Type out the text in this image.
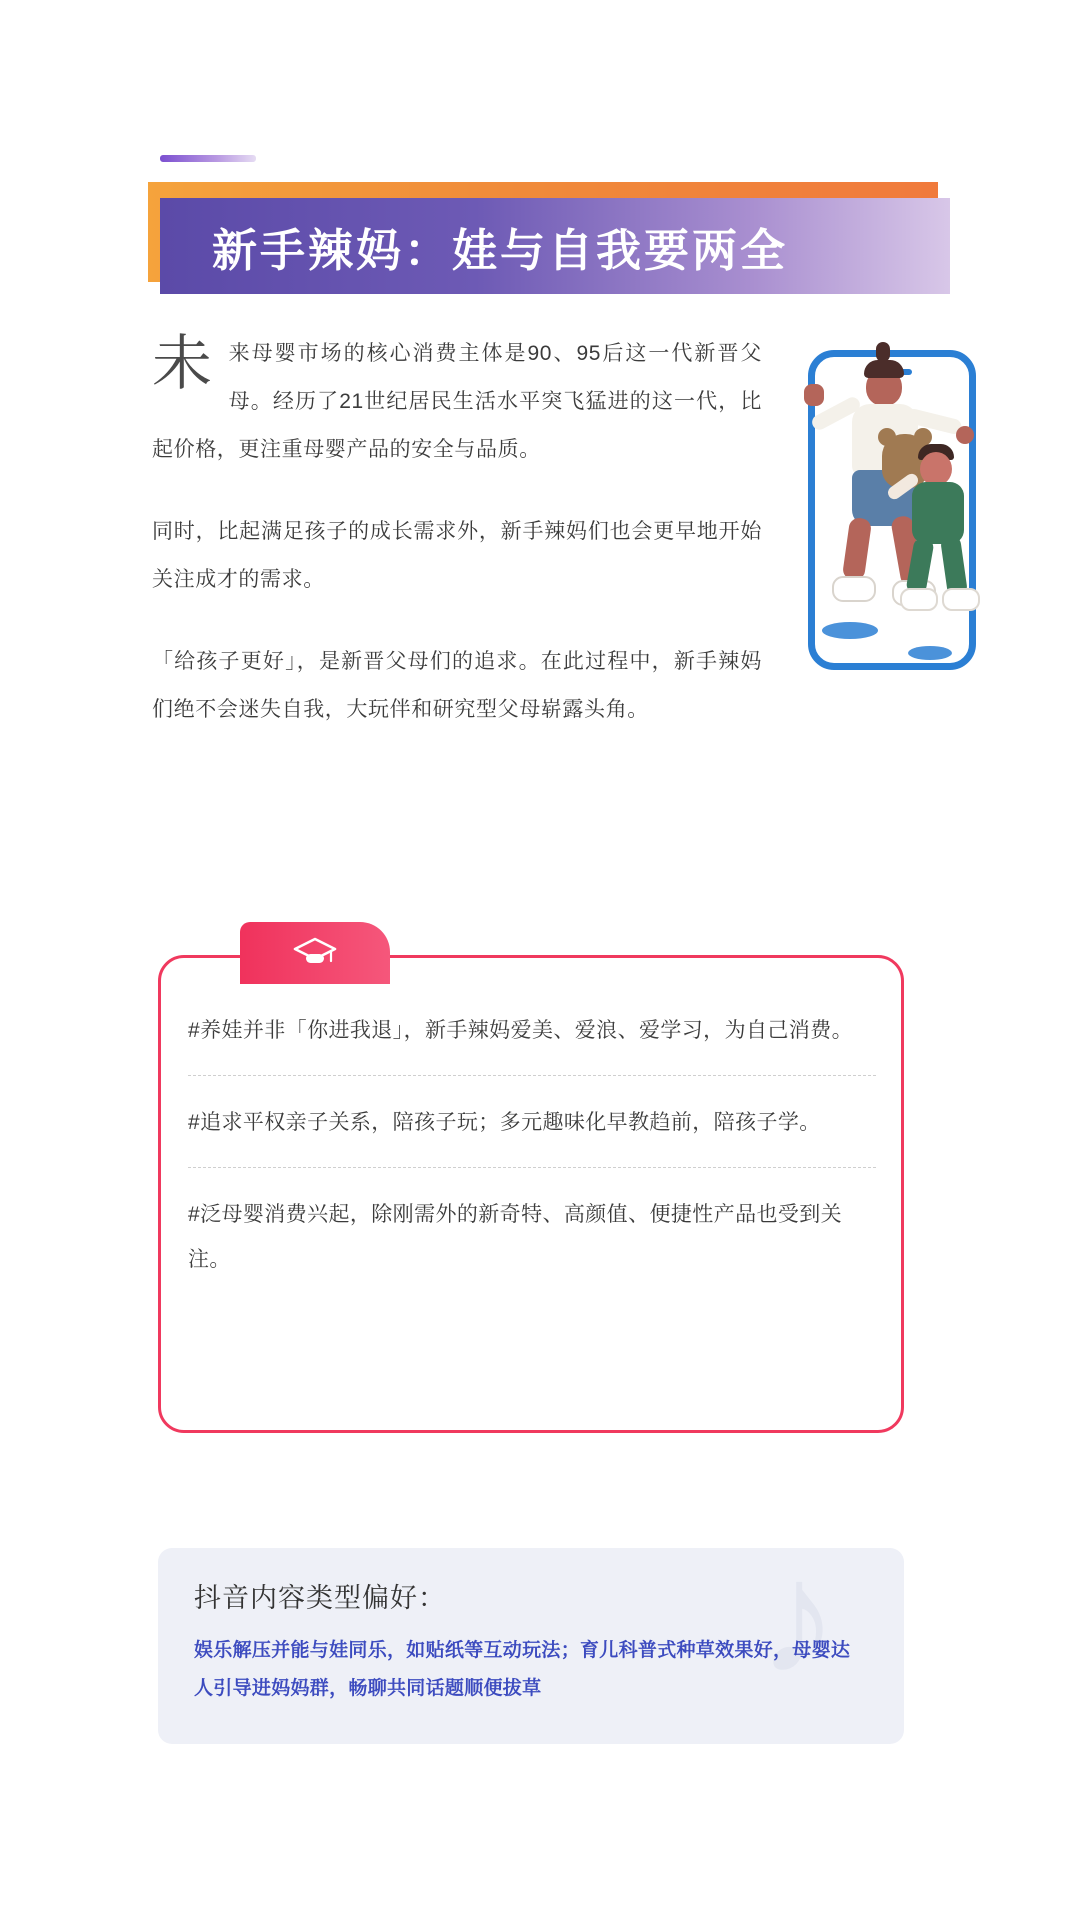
新手辣妈：娃与自我要两全
未 来母婴市场的核心消费主体是90、95后这一代新晋父母。经历了21世纪居民生活水平突飞猛进的这一代，比起价格，更注重母婴产品的安全与品质。
同时，比起满足孩子的成长需求外，新手辣妈们也会更早地开始关注成才的需求。
「给孩子更好」，是新晋父母们的追求。在此过程中，新手辣妈们绝不会迷失自我，大玩伴和研究型父母崭露头角。
#养娃并非「你进我退」，新手辣妈爱美、爱浪、爱学习，为自己消费。
#追求平权亲子关系，陪孩子玩；多元趣味化早教趋前，陪孩子学。
#泛母婴消费兴起，除刚需外的新奇特、高颜值、便捷性产品也受到关注。
♪
抖音内容类型偏好：
娱乐解压并能与娃同乐，如贴纸等互动玩法；育儿科普式种草效果好，母婴达人引导进妈妈群，畅聊共同话题顺便拔草
